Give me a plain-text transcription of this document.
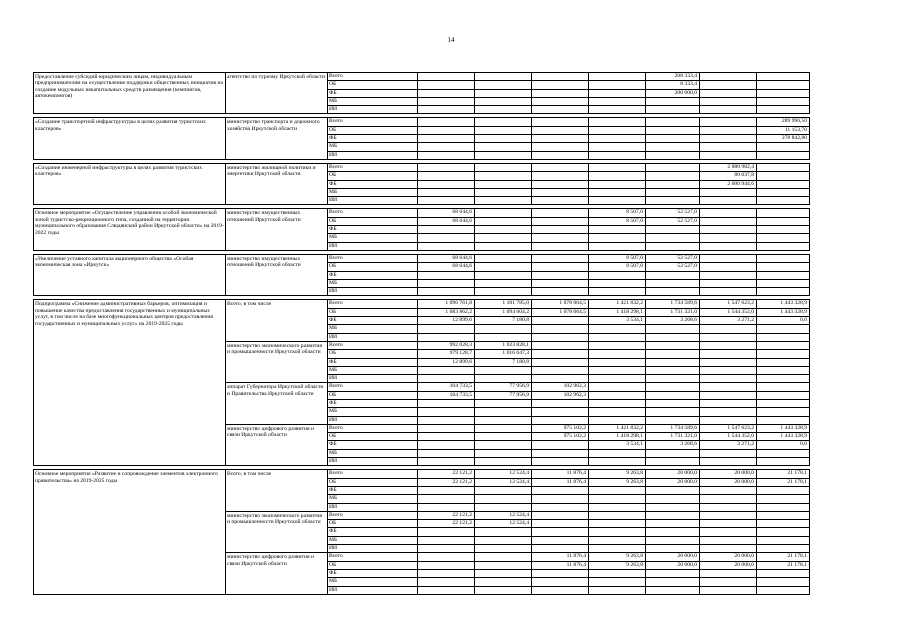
14
Предоставление субсидий юридическим лицам, индивидуальным предпринимателям на осуществление поддержки общественных инициатив на создание модульных некапитальных средств размещения (кемпингов, автокемпингов)	агентство по туризму Иркутской области	Всего					208 333,4			
		ОБ					8 333,4			
		ФБ					200 000,0			
		МБ								
		ИИ								

«Создание транспортной инфраструктуры в целях развития туристских кластеров»	министерство транспорта и дорожного хозяйства Иркутской области	Всего							289 996,50	
		ОБ							11 153,70	
		ФБ							278 842,80	
		МБ								
		ИИ								

«Создание инженерной инфраструктуры в целях развития туристских кластеров»	министерство жилищной политики и энергетики Иркутской области	Всего						2 080 982,4		
		ОБ						80 037,8		
		ФБ						2 000 944,6		
		МБ								
		ИИ								

Основное мероприятие «Осуществление управления особой экономической зоной туристско-рекреационного типа, созданной на территории муниципального образования Слюдянский район Иркутской области» на 2019-2022 годы	министерство имущественных отношений Иркутской области	Всего	68 644,6			8 507,0	52 527,0			
		ОБ	68 644,6			8 507,0	52 527,0			
		ФБ								
		МБ								
		ИИ								

«Увеличение уставного капитала акционерного общества «Особая экономическая зона «Иркутск»	министерство имущественных отношений Иркутской области	Всего	68 644,6			8 507,0	52 527,0			
		ОБ	68 644,6			8 507,0	52 527,0			
		ФБ								
		МБ								
		ИИ								

Подпрограмма «Снижение административных барьеров, оптимизация и повышение качества предоставления государственных и муниципальных услуг, в том числе на базе многофункциональных центров предоставления государственных и муниципальных услуг» на 2019-2025 годы	Всего, в том числе	Всего	1 096 761,8	1 101 785,0	1 078 064,5	1 421 832,2	1 734 589,6	1 547 623,2	1 443 328,9	
		ОБ	1 083 862,2	1 094 604,2	1 078 064,5	1 418 298,1	1 731 321,0	1 544 352,0	1 443 328,9	
		ФБ	12 899,6	7 180,8		3 534,1	3 268,6	3 271,2	0,0	
		МБ								
		ИИ								
	министерство экономического развития и промышленности Иркутской области	Всего	992 028,3	1 023 828,1						
		ОБ	979 128,7	1 016 647,3						
		ФБ	12 899,6	7 180,8						
		МБ								
		ИИ								
	аппарат Губернатора Иркутской области и Правительства Иркутской области	Всего	104 733,5	77 956,9	102 962,3					
		ОБ	104 733,5	77 956,9	102 962,3					
		ФБ								
		МБ								
		ИИ								
	министерство цифрового развития и связи Иркутской области	Всего			975 102,2	1 421 832,2	1 734 589,6	1 547 623,2	1 443 328,9	
		ОБ			975 102,2	1 418 298,1	1 731 321,0	1 544 352,0	1 443 328,9	
		ФБ				3 534,1	3 268,6	3 271,2	0,0	
		МБ								
		ИИ								

Основное мероприятие «Развитие и сопровождение элементов электронного правительства» на 2019-2025 годы	Всего, в том числе	Всего	22 121,2	12 524,4	11 876,4	9 263,8	20 000,0	20 000,0	21 178,1	
		ОБ	22 121,2	12 524,4	11 876,4	9 263,8	20 000,0	20 000,0	21 178,1	
		ФБ								
		МБ								
		ИИ								
	министерство экономического развития и промышленности Иркутской области	Всего	22 121,2	12 524,4						
		ОБ	22 121,2	12 524,4						
		ФБ								
		МБ								
		ИИ								
	министерство цифрового развития и связи Иркутской области	Всего			11 876,4	9 263,8	20 000,0	20 000,0	21 178,1	
		ОБ			11 876,4	9 263,8	20 000,0	20 000,0	21 178,1	
		ФБ								
		МБ								
		ИИ								
